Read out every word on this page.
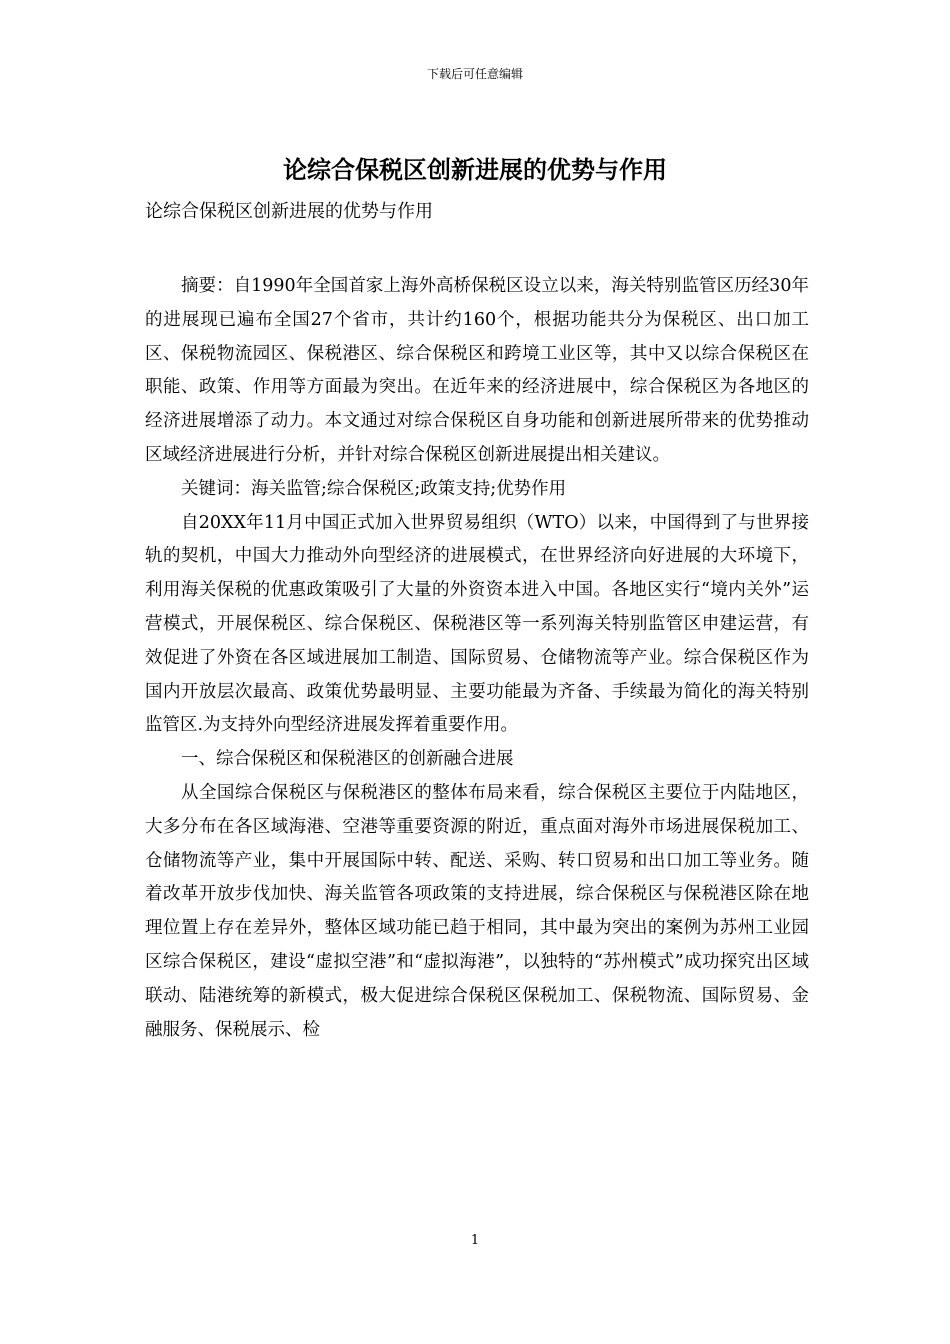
下载后可任意编辑
论综合保税区创新进展的优势与作用
论综合保税区创新进展的优势与作用

摘要：自1990年全国首家上海外高桥保税区设立以来，海关特别监管区历经30年的进展现已遍布全国27个省市，共计约160个，根据功能共分为保税区、出口加工区、保税物流园区、保税港区、综合保税区和跨境工业区等，其中又以综合保税区在职能、政策、作用等方面最为突出。在近年来的经济进展中，综合保税区为各地区的经济进展增添了动力。本文通过对综合保税区自身功能和创新进展所带来的优势推动区域经济进展进行分析，并针对综合保税区创新进展提出相关建议。

关键词：海关监管;综合保税区;政策支持;优势作用

自20XX年11月中国正式加入世界贸易组织（WTO）以来，中国得到了与世界接轨的契机，中国大力推动外向型经济的进展模式，在世界经济向好进展的大环境下，利用海关保税的优惠政策吸引了大量的外资资本进入中国。各地区实行“境内关外”运营模式，开展保税区、综合保税区、保税港区等一系列海关特别监管区申建运营，有效促进了外资在各区域进展加工制造、国际贸易、仓储物流等产业。综合保税区作为国内开放层次最高、政策优势最明显、主要功能最为齐备、手续最为简化的海关特别监管区.为支持外向型经济进展发挥着重要作用。

一、综合保税区和保税港区的创新融合进展

从全国综合保税区与保税港区的整体布局来看，综合保税区主要位于内陆地区，大多分布在各区域海港、空港等重要资源的附近，重点面对海外市场进展保税加工、仓储物流等产业，集中开展国际中转、配送、采购、转口贸易和出口加工等业务。随着改革开放步伐加快、海关监管各项政策的支持进展，综合保税区与保税港区除在地理位置上存在差异外，整体区域功能已趋于相同，其中最为突出的案例为苏州工业园区综合保税区，建设“虚拟空港”和“虚拟海港”，以独特的“苏州模式”成功探究出区域联动、陆港统筹的新模式，极大促进综合保税区保税加工、保税物流、国际贸易、金融服务、保税展示、检

1
